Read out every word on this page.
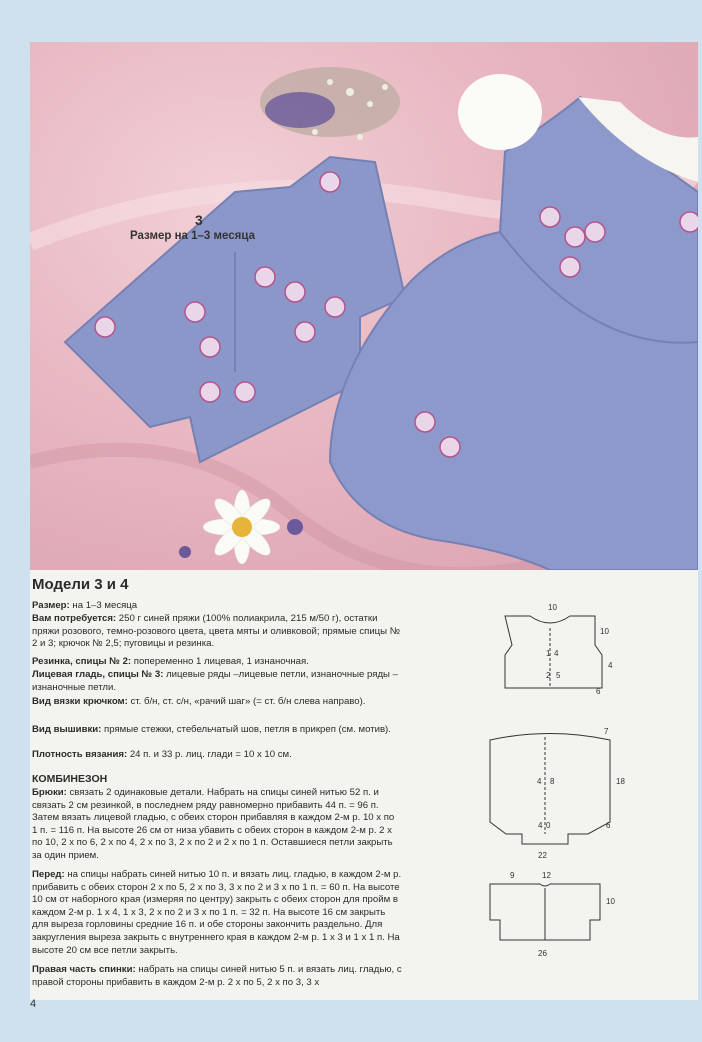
3
Размер на 1–3 месяца
Модели 3 и 4
Размер: на 1–3 месяца
Вам потребуется: 250 г синей пряжи (100% полиакрила, 215 м/50 г), остатки пряжи розового, темно-розового цвета, цвета мяты и оливковой; прямые спицы № 2 и 3; крючок № 2,5; пуговицы и резинка.
Резинка, спицы № 2: попеременно 1 лицевая, 1 изнаночная.
Лицевая гладь, спицы № 3: лицевые ряды –лицевые петли, изнаночные ряды –изнаночные петли.
Вид вязки крючком: ст. б/н, ст. с/н, «рачий шаг» (= ст. б/н слева направо).
Вид вышивки: прямые стежки, стебельчатый шов, петля в прикреп (см. мотив).
Плотность вязания: 24 п. и 33 р. лиц. глади = 10 х 10 см.
КОМБИНЕЗОН
Брюки: связать 2 одинаковые детали. Набрать на спицы синей нитью 52 п. и связать 2 см резинкой, в последнем ряду равномерно прибавить 44 п. = 96 п. Затем вязать лицевой гладью, с обеих сторон прибавляя в каждом 2-м р. 10 х по 1 п. = 116 п. На высоте 26 см от низа убавить с обеих сторон в каждом 2-м р. 2 х по 10, 2 х по 6, 2 х по 4, 2 х по 3, 2 х по 2 и 2 х по 1 п. Оставшиеся петли закрыть за один прием.
Перед: на спицы набрать синей нитью 10 п. и вязать лиц. гладью, в каждом 2-м р. прибавить с обеих сторон 2 х по 5, 2 х по 3, 3 х по 2 и 3 х по 1 п. = 60 п. На высоте 10 см от наборного края (измеряя по центру) закрыть с обеих сторон для пройм в каждом 2-м р. 1 х 4, 1 х 3, 2 х по 2 и 3 х по 1 п. = 32 п. На высоте 16 см закрыть для выреза горловины средние 16 п. и обе стороны закончить раздельно. Для закругления выреза закрыть с внутреннего края в каждом 2-м р. 1 х 3 и 1 х 1 п. На высоте 20 см все петли закрыть.
Правая часть спинки: набрать на спицы синей нитью 5 п. и вязать лиц. гладью, с правой стороны прибавить в каждом 2-м р. 2 х по 5, 2 х по 3, 3 х
10
10
1 4
4
2 5
6
7
4 8	18
4 0	6
22
9	12
10
26
4
